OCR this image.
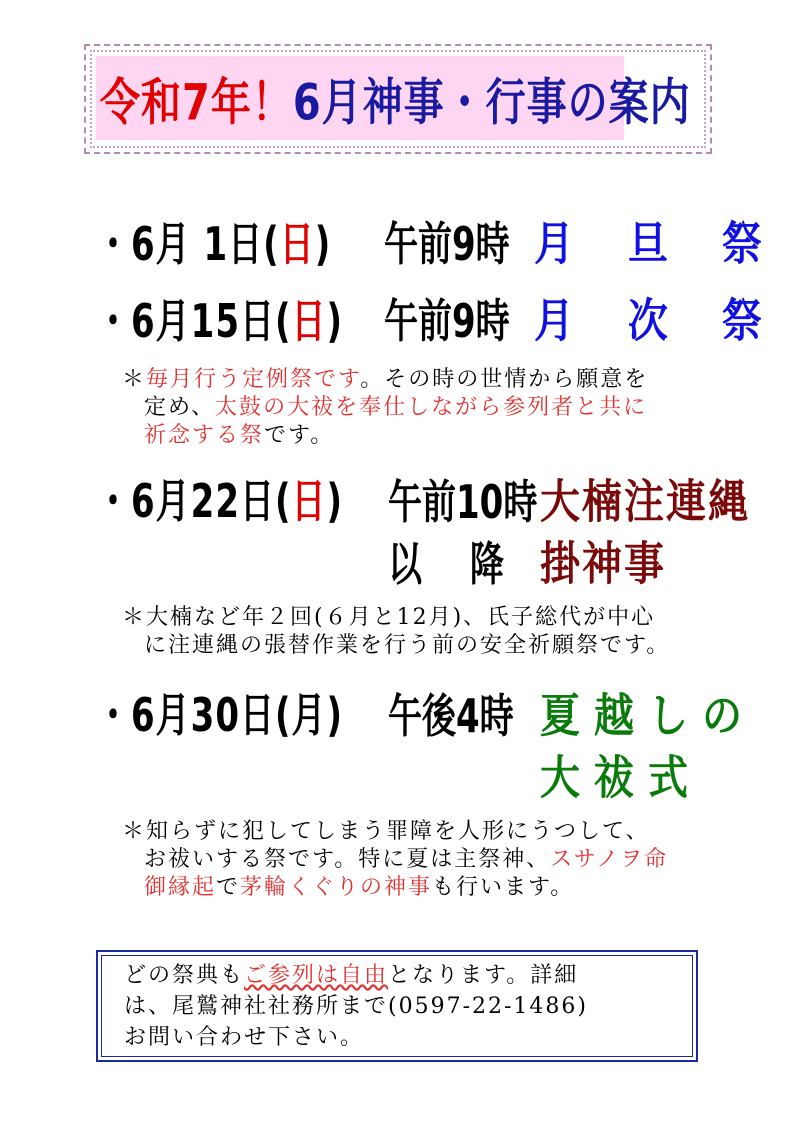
令和7年！ 6月神事・行事の案内
・6月 1日(日) 午前9時 月 旦 祭
・6月15日(日) 午前9時 月 次 祭
＊毎月行う定例祭です。その時の世情から願意を
定め、太鼓の大祓を奉仕しながら参列者と共に
祈念する祭です。
・6月22日(日) 午前10時
以 降
大楠注連縄
掛神事
＊大楠など年２回(６月と12月)、氏子総代が中心
に注連縄の張替作業を行う前の安全祈願祭です。
・6月30日(月) 午後4時 夏越しの
大祓式
＊知らずに犯してしまう罪障を人形にうつして、
お祓いする祭です。特に夏は主祭神、スサノヲ命
御縁起で茅輪くぐりの神事も行います。
どの祭典もご参列は自由となります。詳細
は、尾鷲神社社務所まで(0597-22-1486)
お問い合わせ下さい。
